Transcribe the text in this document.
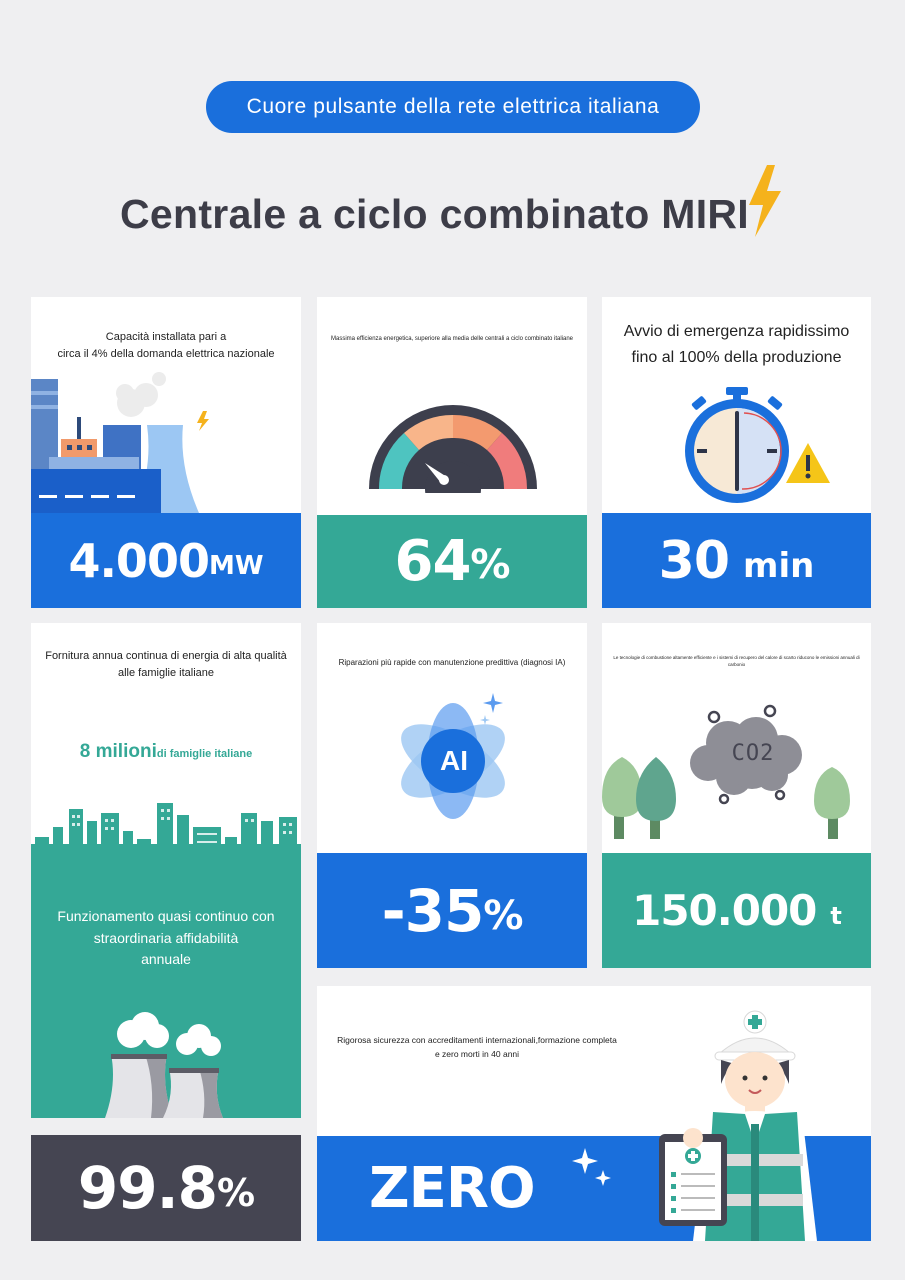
Cuore pulsante della rete elettrica italiana
Centrale a ciclo combinato MIRI
Capacità installata pari a
circa il 4% della domanda elettrica nazionale
4.000 MW
Massima efficienza energetica, superiore alla media delle centrali a ciclo combinato italiane
64 %
Avvio di emergenza rapidissimo
fino al 100% della produzione
30 min
Fornitura annua continua di energia di alta qualità
alle famiglie italiane
8 milionidi famiglie italiane
Funzionamento quasi continuo con
straordinaria affidabilità
annuale
99.8 %
Riparazioni più rapide con manutenzione predittiva (diagnosi IA)
AI
-35 %
Le tecnologie di combustione altamente efficiente e i sistemi di recupero del calore di scarto riducono le emissioni annuali di carbonio
CO2
150.000 t
Rigorosa sicurezza con accreditamenti internazionali,formazione completa
e zero morti in 40 anni
ZERO
